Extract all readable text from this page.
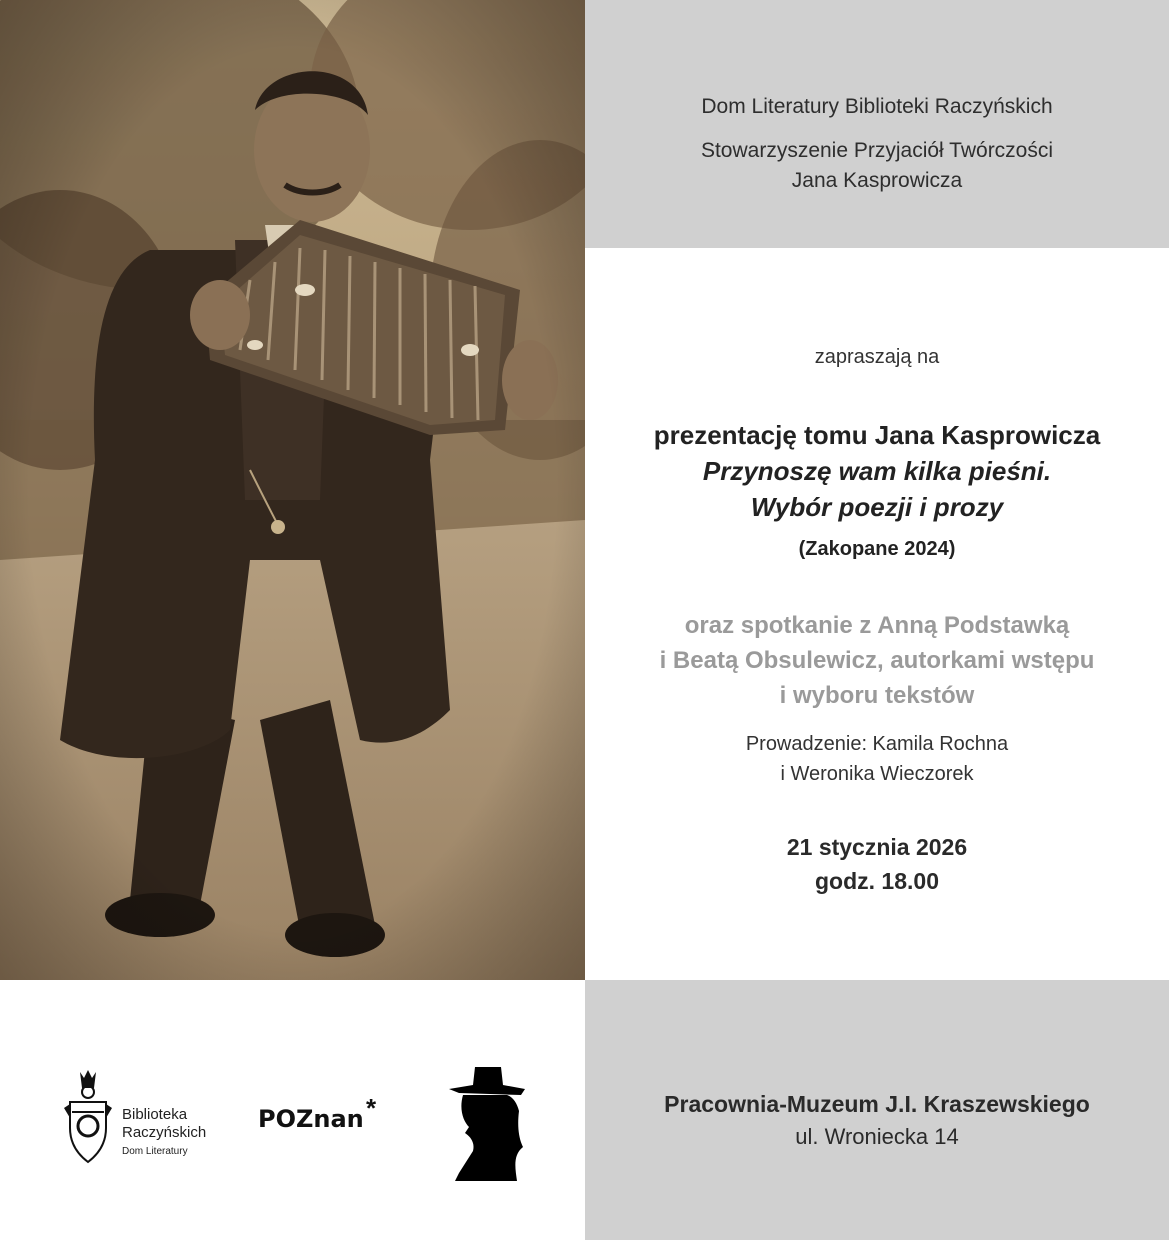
Dom Literatury Biblioteki Raczyńskich
Stowarzyszenie Przyjaciół Twórczości
Jana Kasprowicza
zapraszają na
prezentację tomu Jana Kasprowicza
Przynoszę wam kilka pieśni.
Wybór poezji i prozy
(Zakopane 2024)
oraz spotkanie z Anną Podstawką
i Beatą Obsulewicz, autorkami wstępu
i wyboru tekstów
Prowadzenie: Kamila Rochna
i Weronika Wieczorek
21 stycznia 2026
godz. 18.00
Biblioteka
Raczyńskich
Dom Literatury
POZnan *	Pracownia-Muzeum J.I. Kraszewskiego
ul. Wroniecka 14
